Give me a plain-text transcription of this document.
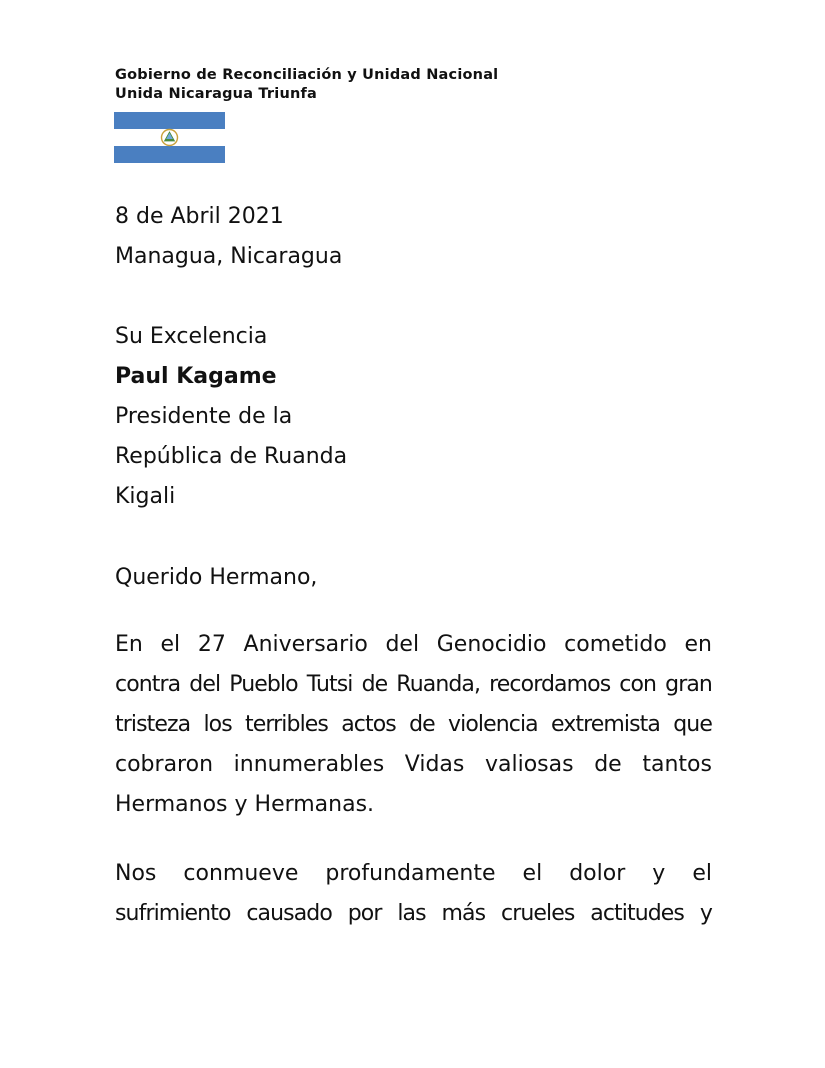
Gobierno de Reconciliación y Unidad Nacional
Unida Nicaragua Triunfa
8 de Abril 2021
Managua, Nicaragua
Su Excelencia
Paul Kagame
Presidente de la
República de Ruanda
Kigali
Querido Hermano,
En el 27 Aniversario del Genocidio cometido en
contra del Pueblo Tutsi de Ruanda, recordamos con gran
tristeza los terribles actos de violencia extremista que
cobraron innumerables Vidas valiosas de tantos
Hermanos y Hermanas.
Nos conmueve profundamente el dolor y el
sufrimiento causado por las más crueles actitudes y
